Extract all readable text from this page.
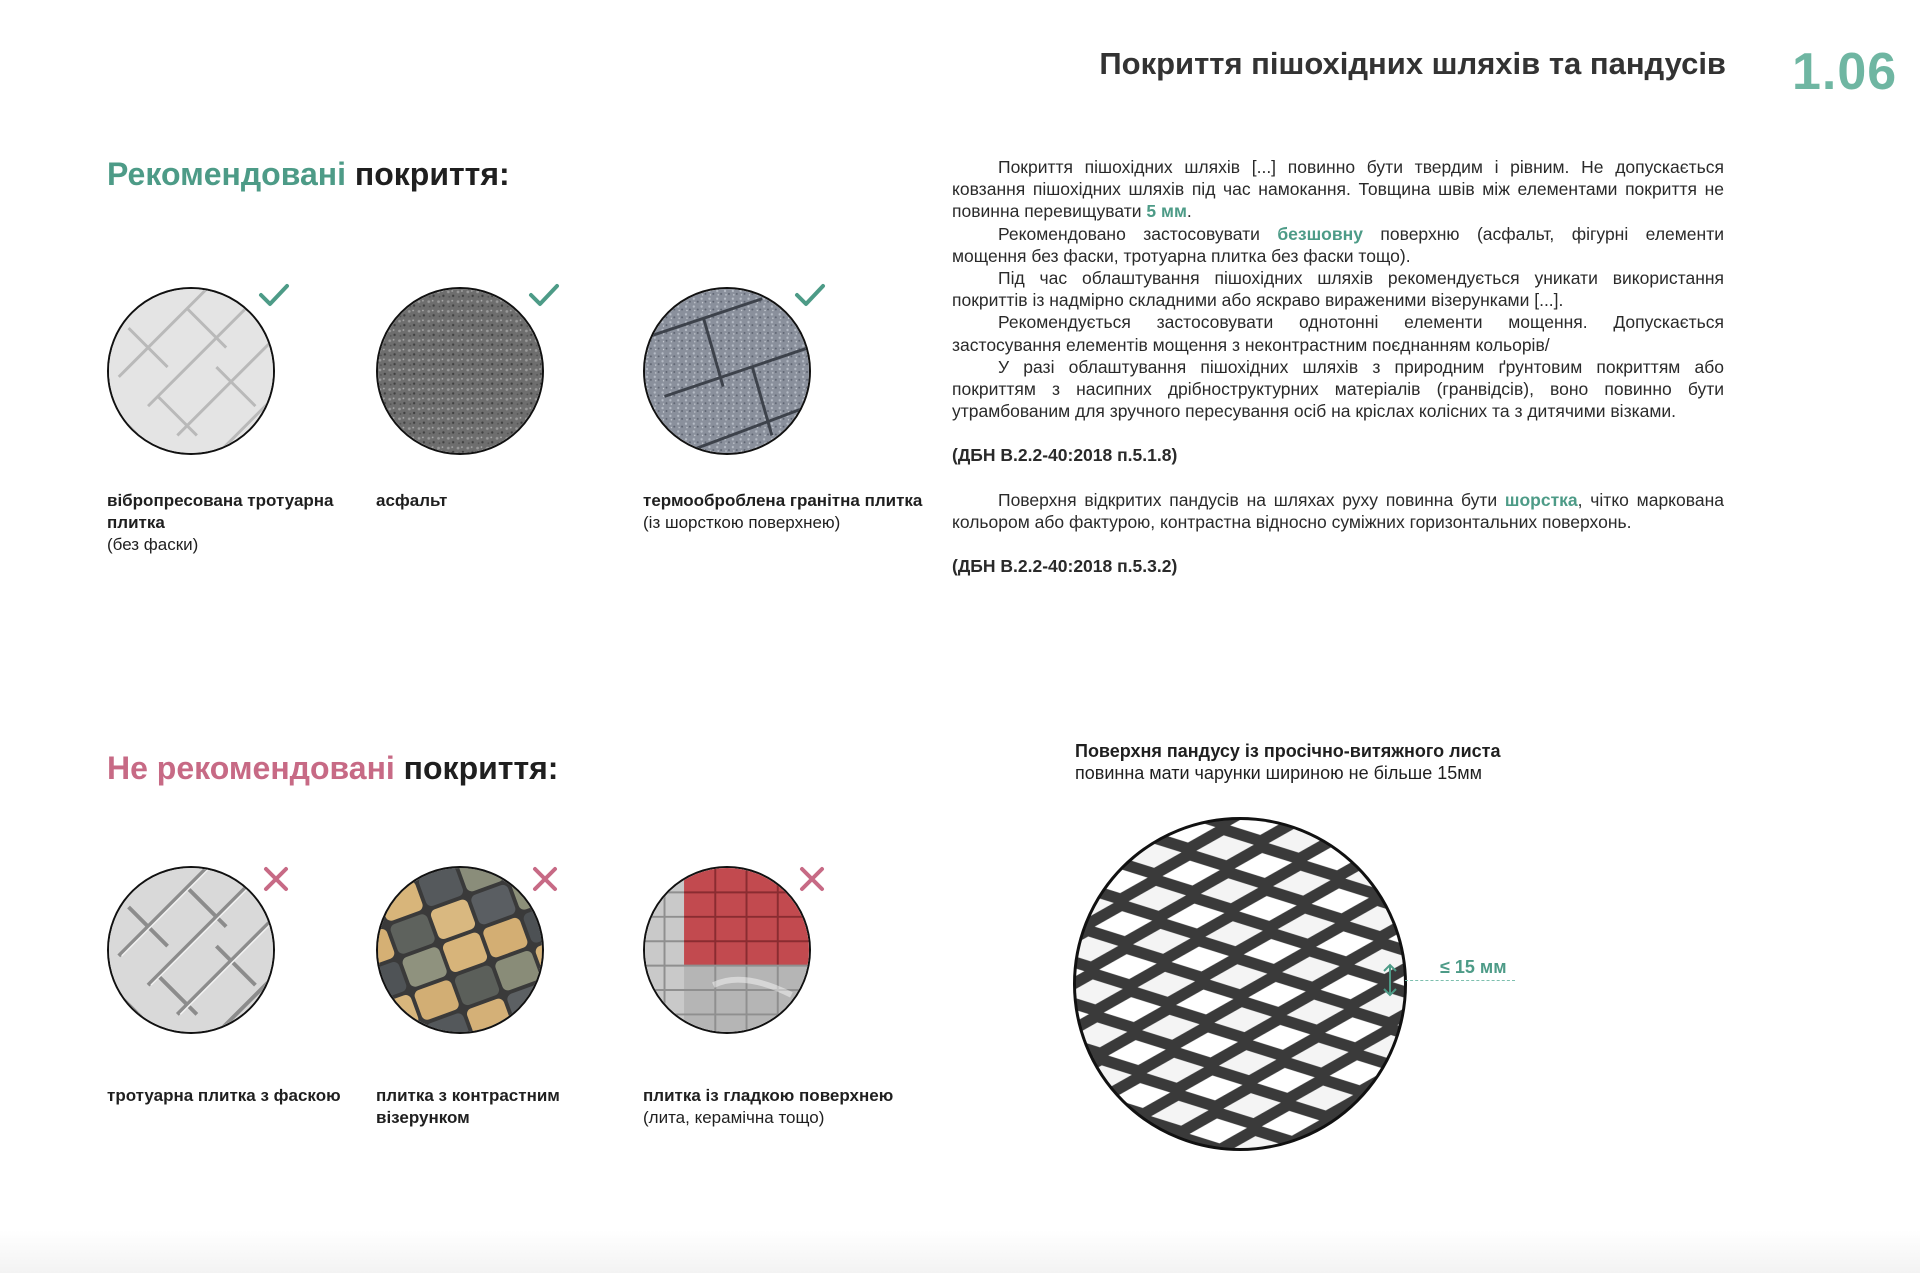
Покриття пішохідних шляхів та пандусів 1.06
Рекомендовані покриття:
вібропресована тротуарна плитка
(без фаски)
асфальт	термооброблена гранітна плитка
(із шорсткою поверхнею)

Покриття пішохідних шляхів [...] повинно бути твердим і рівним. Не допускається ковзання пішохідних шляхів під час намокання. Товщина швів між елементами покриття не повинна перевищувати 5 мм.

Рекомендовано застосовувати безшовну поверхню (асфальт, фігурні елементи мощення без фаски, тротуарна плитка без фаски тощо).

Під час облаштування пішохідних шляхів рекомендується уникати використання покриттів із надмірно складними або яскраво вираженими візерунками [...].

Рекомендується застосовувати однотонні елементи мощення. Допускається застосування елементів мощення з неконтрастним поєднанням кольорів/

У разі облаштування пішохідних шляхів з природним ґрунтовим покриттям або покриттям з насипних дрібноструктурних матеріалів (гранвідсів), воно повинно бути утрамбованим для зручного пересування осіб на кріслах колісних та з дитячими візками.

(ДБН В.2.2-40:2018 п.5.1.8)

Поверхня відкритих пандусів на шляхах руху повинна бути шорстка, чітко маркована кольором або фактурою, контрастна відносно суміжних горизонтальних поверхонь.

(ДБН В.2.2-40:2018 п.5.3.2)

Не рекомендовані покриття:
тротуарна плитка з фаскою	плитка з контрастним візерунком
плитка із гладкою поверхнею
(лита, керамічна тощо)
Поверхня пандусу із просічно-витяжного листа
повинна мати чарунки шириною не більше 15мм
≤ 15 мм
